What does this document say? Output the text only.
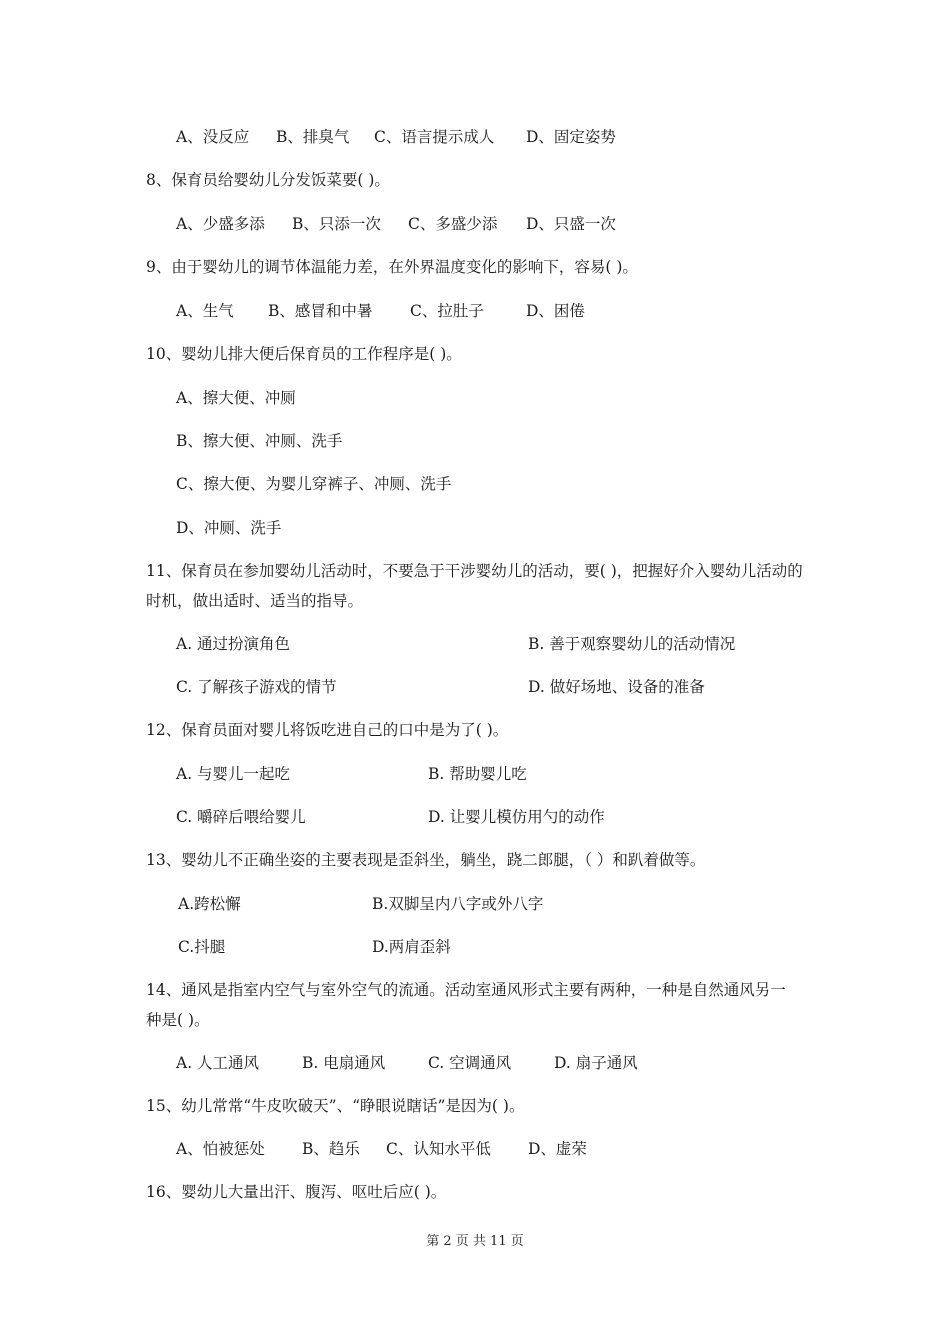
A、没反应 B、排臭气 C、语言提示成人 D、固定姿势
8、保育员给婴幼儿分发饭菜要( )。
A、少盛多添 B、只添一次 C、多盛少添 D、只盛一次
9、由于婴幼儿的调节体温能力差，在外界温度变化的影响下，容易( )。
A、生气 B、感冒和中暑 C、拉肚子	D、困倦
10、婴幼儿排大便后保育员的工作程序是( )。
A、擦大便、冲厕
B、擦大便、冲厕、洗手
C、擦大便、为婴儿穿裤子、冲厕、洗手
D、冲厕、洗手
11、保育员在参加婴幼儿活动时，不要急于干涉婴幼儿的活动，要( )，把握好介入婴幼儿活动的时机，做出适时、适当的指导。
A. 通过扮演角色	B. 善于观察婴幼儿的活动情况
C. 了解孩子游戏的情节	D. 做好场地、设备的准备
12、保育员面对婴儿将饭吃进自己的口中是为了( )。
A. 与婴儿一起吃	B. 帮助婴儿吃
C. 嚼碎后喂给婴儿	D. 让婴儿模仿用勺的动作
13、婴幼儿不正确坐姿的主要表现是歪斜坐，躺坐，跷二郎腿，（ ）和趴着做等。
A.跨松懈	B.双脚呈内八字或外八字
C.抖腿	D.两肩歪斜
14、通风是指室内空气与室外空气的流通。活动室通风形式主要有两种，一种是自然通风另一种是( )。
A. 人工通风	B. 电扇通风	C. 空调通风	D. 扇子通风
15、幼儿常常“牛皮吹破天”、“睁眼说瞎话”是因为( )。
A、怕被惩处 B、趋乐 C、认知水平低 D、虚荣
16、婴幼儿大量出汗、腹泻、呕吐后应( )。
第 2 页 共 11 页
